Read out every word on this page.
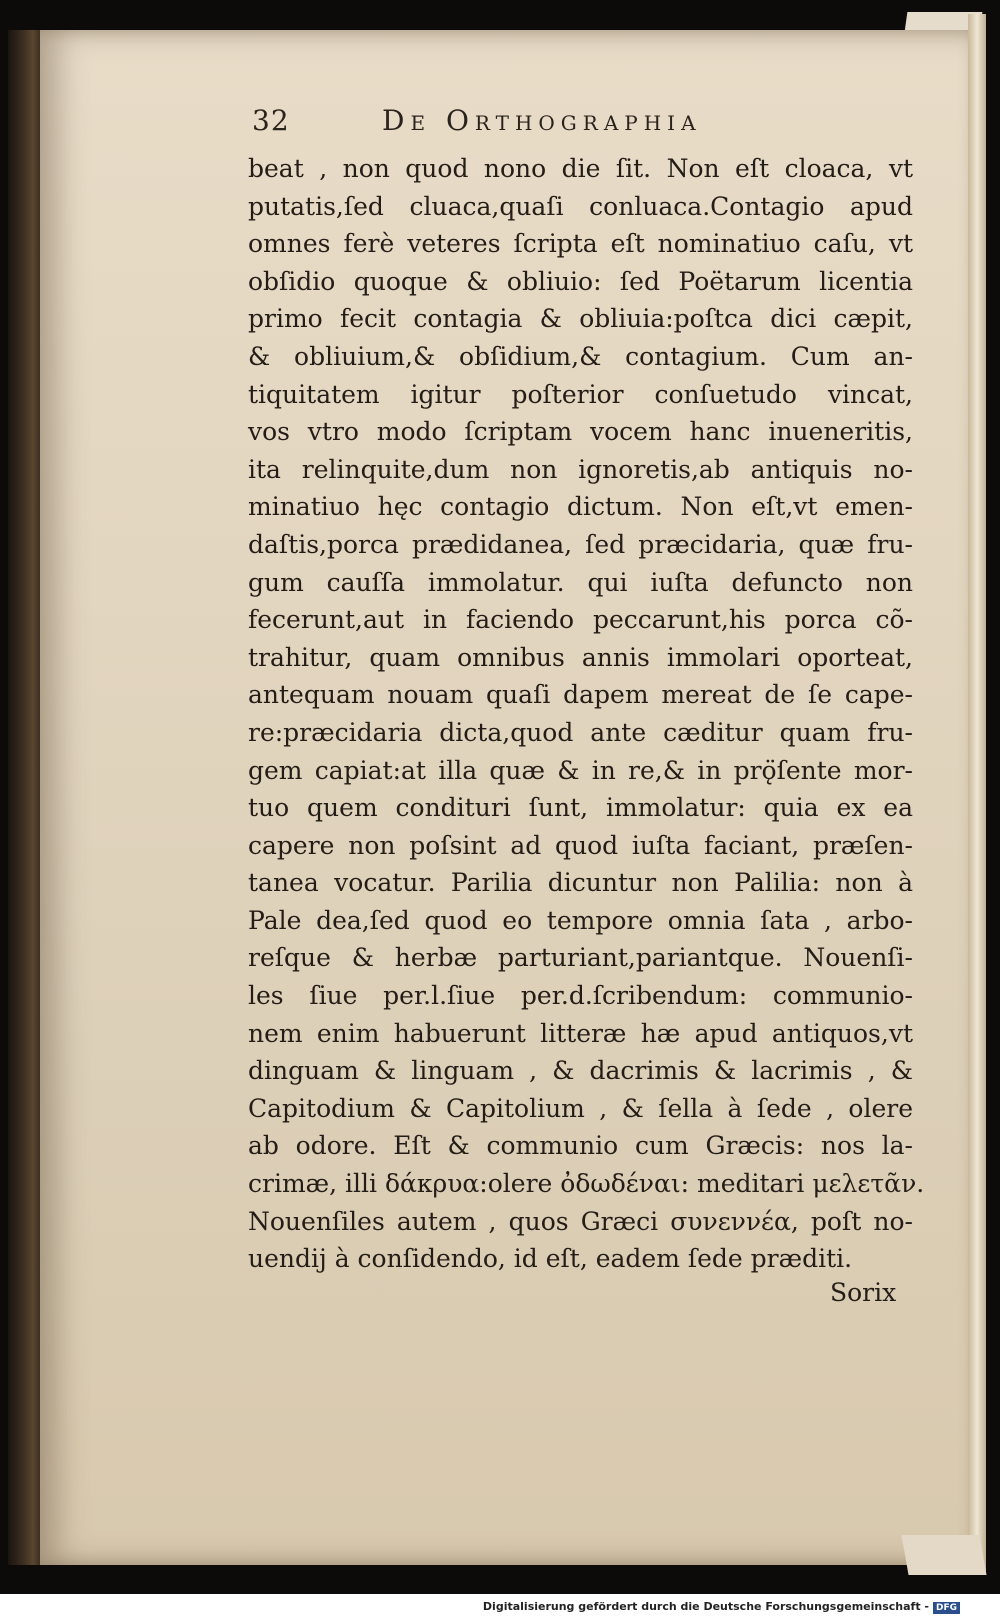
32	De Orthographia
beat , non quod nono die ſit. Non eſt cloaca, vt
putatis,ſed cluaca,quaſi conluaca.Contagio apud
omnes ferè veteres ſcripta eſt nominatiuo caſu, vt
obſidio quoque & obliuio: ſed Poëtarum licentia
primo fecit contagia & obliuia:poſtca dici cæpit,
& obliuium,& obſidium,& contagium. Cum an-
tiquitatem igitur poſterior conſuetudo vincat,
vos vtro modo ſcriptam vocem hanc inueneritis,
ita relinquite,dum non ignoretis,ab antiquis no-
minatiuo hęc contagio dictum. Non eſt,vt emen-
daſtis,porca prædidanea, ſed præcidaria, quæ fru-
gum cauſſa immolatur. qui iuſta defuncto non
fecerunt,aut in faciendo peccarunt,his porca cõ-
trahitur, quam omnibus annis immolari oporteat,
antequam nouam quaſi dapem mereat de ſe cape-
re:præcidaria dicta,quod ante cæditur quam fru-
gem capiat:at illa quæ & in re,& in prǫ̈ſente mor-
tuo quem condituri ſunt, immolatur: quia ex ea
capere non poſsint ad quod iuſta faciant, præſen-
tanea vocatur. Parilia dicuntur non Palilia: non à
Pale dea,ſed quod eo tempore omnia ſata , arbo-
reſque & herbæ parturiant,pariantque. Nouenſi-
les ſiue per.l.ſiue per.d.ſcribendum: communio-
nem enim habuerunt litteræ hæ apud antiquos,vt
dinguam & linguam , & dacrimis & lacrimis , &
Capitodium & Capitolium , & ſella à ſede , olere
ab odore. Eſt & communio cum Græcis: nos la-
crimæ, illi δάκρυα:olere ὀδωδέναι: meditari μελετᾶν.
Nouenſiles autem , quos Græci συνεννέα, poſt no-
uendij à conſidendo, id eſt, eadem ſede præditi.
Sorix
Digitalisierung gefördert durch die Deutsche Forschungsgemeinschaft - DFG
